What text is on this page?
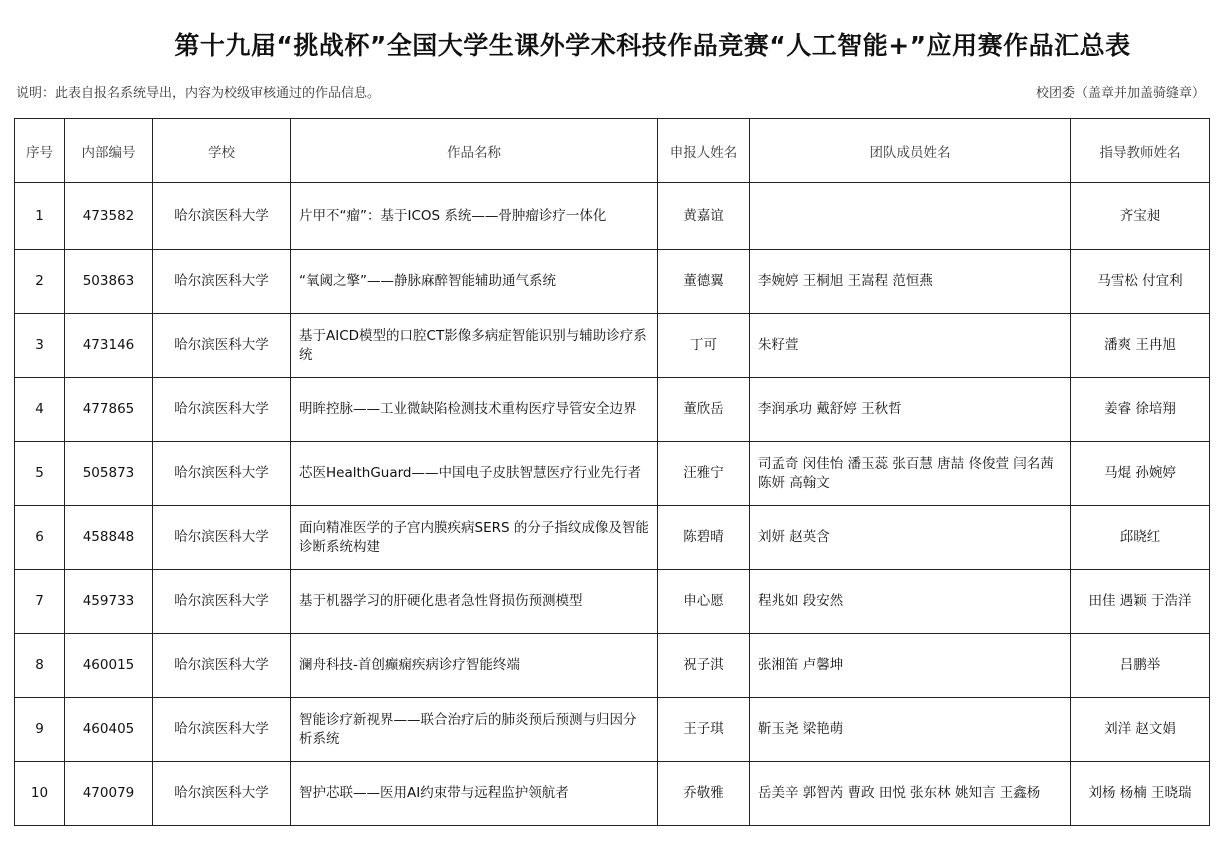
第十九届“挑战杯”全国大学生课外学术科技作品竞赛“人工智能+”应用赛作品汇总表
说明：此表自报名系统导出，内容为校级审核通过的作品信息。	校团委（盖章并加盖骑缝章）
序号	内部编号	学校	作品名称	申报人姓名	团队成员姓名	指导教师姓名
1	473582	哈尔滨医科大学	片甲不“瘤”：基于ICOS 系统——骨肿瘤诊疗一体化	黄嘉谊		齐宝昶
2	503863	哈尔滨医科大学	“氧阈之擎”——静脉麻醉智能辅助通气系统	董德翼	李婉婷 王桐旭 王嵩程 范恒燕	马雪松 付宜利
3	473146	哈尔滨医科大学	基于AICD模型的口腔CT影像多病症智能识别与辅助诊疗系统	丁可	朱籽萱	潘爽 王冉旭
4	477865	哈尔滨医科大学	明眸控脉——工业微缺陷检测技术重构医疗导管安全边界	董欣岳	李润承功 戴舒婷 王秋哲	姜睿 徐培翔
5	505873	哈尔滨医科大学	芯医HealthGuard——中国电子皮肤智慧医疗行业先行者	汪雅宁	司孟奇 闵佳怡 潘玉蕊 张百慧 唐喆 佟俊萱 闫名茜 陈妍 高翰文	马焜 孙婉婷
6	458848	哈尔滨医科大学	面向精准医学的子宫内膜疾病SERS 的分子指纹成像及智能诊断系统构建	陈碧晴	刘妍 赵英含	邱晓红
7	459733	哈尔滨医科大学	基于机器学习的肝硬化患者急性肾损伤预测模型	申心愿	程兆如 段安然	田佳 遇颖 于浩洋
8	460015	哈尔滨医科大学	澜舟科技-首创癫痫疾病诊疗智能终端	祝子淇	张湘笛 卢馨坤	吕鹏举
9	460405	哈尔滨医科大学	智能诊疗新视界——联合治疗后的肺炎预后预测与归因分析系统	王子琪	靳玉尧 梁艳萌	刘洋 赵文娟
10	470079	哈尔滨医科大学	智护芯联——医用AI约束带与远程监护领航者	乔敬雅	岳美辛 郭智芮 曹政 田悦 张东林 姚知言 王鑫杨	刘杨 杨楠 王晓瑞
